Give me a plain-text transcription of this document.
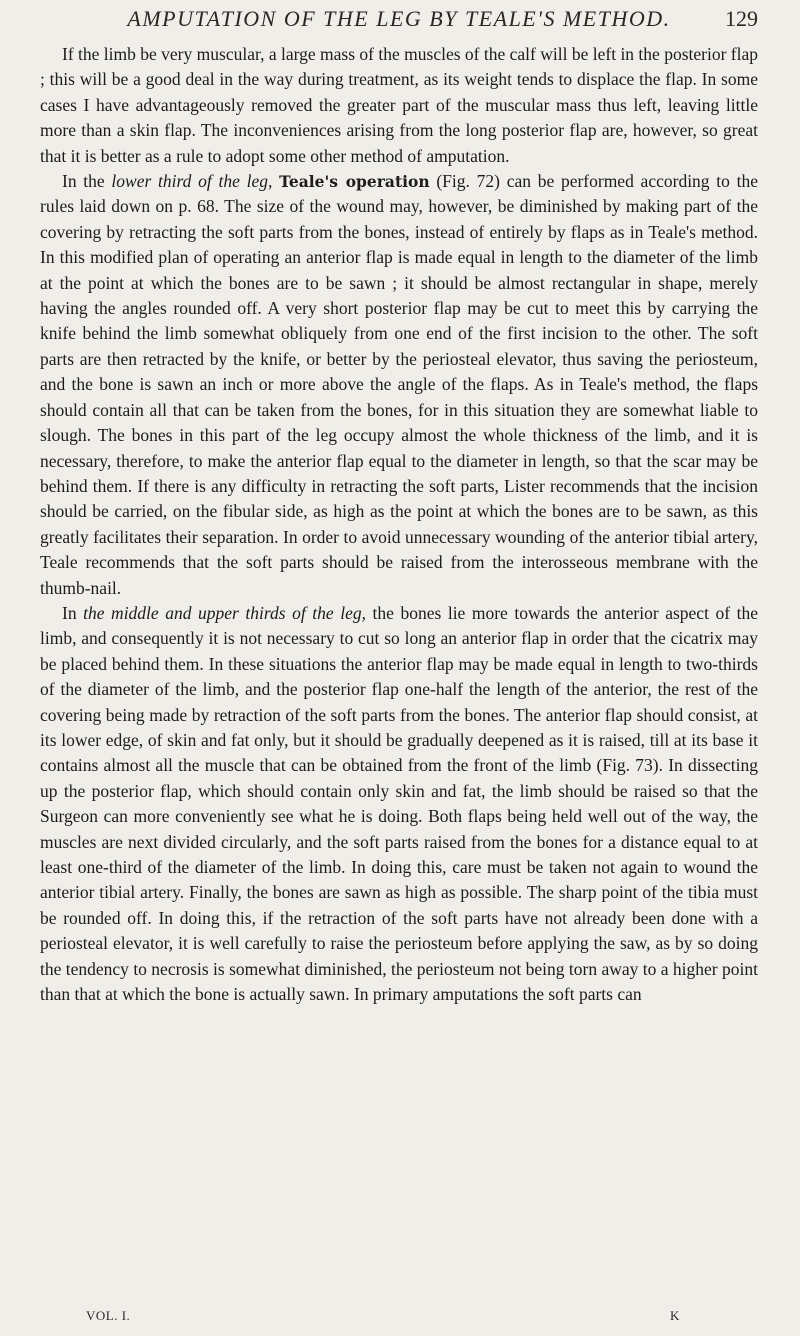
AMPUTATION OF THE LEG BY TEALE'S METHOD. 129

If the limb be very muscular, a large mass of the muscles of the calf will be left in the posterior flap ; this will be a good deal in the way during treatment, as its weight tends to displace the flap. In some cases I have advantageously removed the greater part of the muscular mass thus left, leaving little more than a skin flap. The inconveniences arising from the long posterior flap are, however, so great that it is better as a rule to adopt some other method of amputation.

In the lower third of the leg, Teale's operation (Fig. 72) can be performed according to the rules laid down on p. 68. The size of the wound may, however, be diminished by making part of the covering by retracting the soft parts from the bones, instead of entirely by flaps as in Teale's method. In this modified plan of operating an anterior flap is made equal in length to the diameter of the limb at the point at which the bones are to be sawn ; it should be almost rectangular in shape, merely having the angles rounded off. A very short posterior flap may be cut to meet this by carrying the knife behind the limb somewhat obliquely from one end of the first incision to the other. The soft parts are then retracted by the knife, or better by the periosteal elevator, thus saving the periosteum, and the bone is sawn an inch or more above the angle of the flaps. As in Teale's method, the flaps should contain all that can be taken from the bones, for in this situation they are somewhat liable to slough. The bones in this part of the leg occupy almost the whole thickness of the limb, and it is necessary, therefore, to make the anterior flap equal to the diameter in length, so that the scar may be behind them. If there is any difficulty in retracting the soft parts, Lister recommends that the incision should be carried, on the fibular side, as high as the point at which the bones are to be sawn, as this greatly facilitates their separation. In order to avoid unnecessary wounding of the anterior tibial artery, Teale recommends that the soft parts should be raised from the interosseous membrane with the thumb-nail.

In the middle and upper thirds of the leg, the bones lie more towards the anterior aspect of the limb, and consequently it is not necessary to cut so long an anterior flap in order that the cicatrix may be placed behind them. In these situations the anterior flap may be made equal in length to two-thirds of the diameter of the limb, and the posterior flap one-half the length of the anterior, the rest of the covering being made by retraction of the soft parts from the bones. The anterior flap should consist, at its lower edge, of skin and fat only, but it should be gradually deepened as it is raised, till at its base it contains almost all the muscle that can be obtained from the front of the limb (Fig. 73). In dissecting up the posterior flap, which should contain only skin and fat, the limb should be raised so that the Surgeon can more conveniently see what he is doing. Both flaps being held well out of the way, the muscles are next divided circularly, and the soft parts raised from the bones for a distance equal to at least one-third of the diameter of the limb. In doing this, care must be taken not again to wound the anterior tibial artery. Finally, the bones are sawn as high as possible. The sharp point of the tibia must be rounded off. In doing this, if the retraction of the soft parts have not already been done with a periosteal elevator, it is well carefully to raise the periosteum before applying the saw, as by so doing the tendency to necrosis is somewhat diminished, the periosteum not being torn away to a higher point than that at which the bone is actually sawn. In primary amputations the soft parts can

VOL. I.	K
